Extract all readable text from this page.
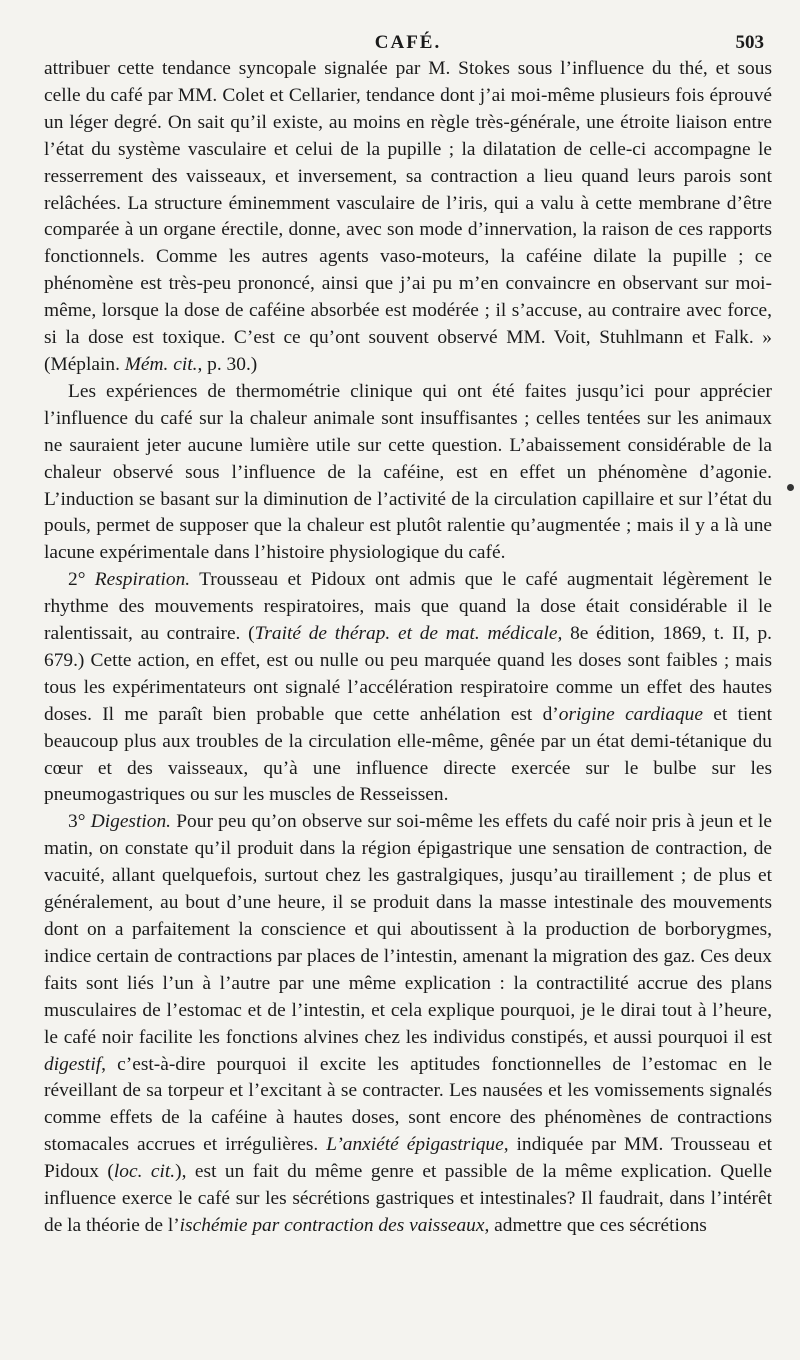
CAFÉ.	503

attribuer cette tendance syncopale signalée par M. Stokes sous l’influence du thé, et sous celle du café par MM. Colet et Cellarier, tendance dont j’ai moi-même plusieurs fois éprouvé un léger degré. On sait qu’il existe, au moins en règle très-générale, une étroite liaison entre l’état du système vasculaire et celui de la pupille ; la dilatation de celle-ci accompagne le resserrement des vaisseaux, et inversement, sa contraction a lieu quand leurs parois sont relâchées. La structure éminemment vasculaire de l’iris, qui a valu à cette membrane d’être comparée à un organe érectile, donne, avec son mode d’innervation, la raison de ces rapports fonctionnels. Comme les autres agents vaso-moteurs, la caféine dilate la pupille ; ce phénomène est très-peu prononcé, ainsi que j’ai pu m’en convaincre en observant sur moi-même, lorsque la dose de caféine absorbée est modérée ; il s’accuse, au contraire avec force, si la dose est toxique. C’est ce qu’ont souvent observé MM. Voit, Stuhlmann et Falk. » (Méplain. Mém. cit., p. 30.)

Les expériences de thermométrie clinique qui ont été faites jusqu’ici pour apprécier l’influence du café sur la chaleur animale sont insuffisantes ; celles tentées sur les animaux ne sauraient jeter aucune lumière utile sur cette question. L’abaissement considérable de la chaleur observé sous l’influence de la caféine, est en effet un phénomène d’agonie. L’induction se basant sur la diminution de l’activité de la circulation capillaire et sur l’état du pouls, permet de supposer que la chaleur est plutôt ralentie qu’augmentée ; mais il y a là une lacune expérimentale dans l’histoire physiologique du café.

2° Respiration. Trousseau et Pidoux ont admis que le café augmentait légèrement le rhythme des mouvements respiratoires, mais que quand la dose était considérable il le ralentissait, au contraire. (Traité de thérap. et de mat. médicale, 8e édition, 1869, t. II, p. 679.) Cette action, en effet, est ou nulle ou peu marquée quand les doses sont faibles ; mais tous les expérimentateurs ont signalé l’accélération respiratoire comme un effet des hautes doses. Il me paraît bien probable que cette anhélation est d’origine cardiaque et tient beaucoup plus aux troubles de la circulation elle-même, gênée par un état demi-tétanique du cœur et des vaisseaux, qu’à une influence directe exercée sur le bulbe sur les pneumogastriques ou sur les muscles de Resseissen.

3° Digestion. Pour peu qu’on observe sur soi-même les effets du café noir pris à jeun et le matin, on constate qu’il produit dans la région épigastrique une sensation de contraction, de vacuité, allant quelquefois, surtout chez les gastralgiques, jusqu’au tiraillement ; de plus et généralement, au bout d’une heure, il se produit dans la masse intestinale des mouvements dont on a parfaitement la conscience et qui aboutissent à la production de borborygmes, indice certain de contractions par places de l’intestin, amenant la migration des gaz. Ces deux faits sont liés l’un à l’autre par une même explication : la contractilité accrue des plans musculaires de l’estomac et de l’intestin, et cela explique pourquoi, je le dirai tout à l’heure, le café noir facilite les fonctions alvines chez les individus constipés, et aussi pourquoi il est digestif, c’est-à-dire pourquoi il excite les aptitudes fonctionnelles de l’estomac en le réveillant de sa torpeur et l’excitant à se contracter. Les nausées et les vomissements signalés comme effets de la caféine à hautes doses, sont encore des phénomènes de contractions stomacales accrues et irrégulières. L’anxiété épigastrique, indiquée par MM. Trousseau et Pidoux (loc. cit.), est un fait du même genre et passible de la même explication. Quelle influence exerce le café sur les sécrétions gastriques et intestinales? Il faudrait, dans l’intérêt de la théorie de l’ischémie par contraction des vaisseaux, admettre que ces sécrétions
